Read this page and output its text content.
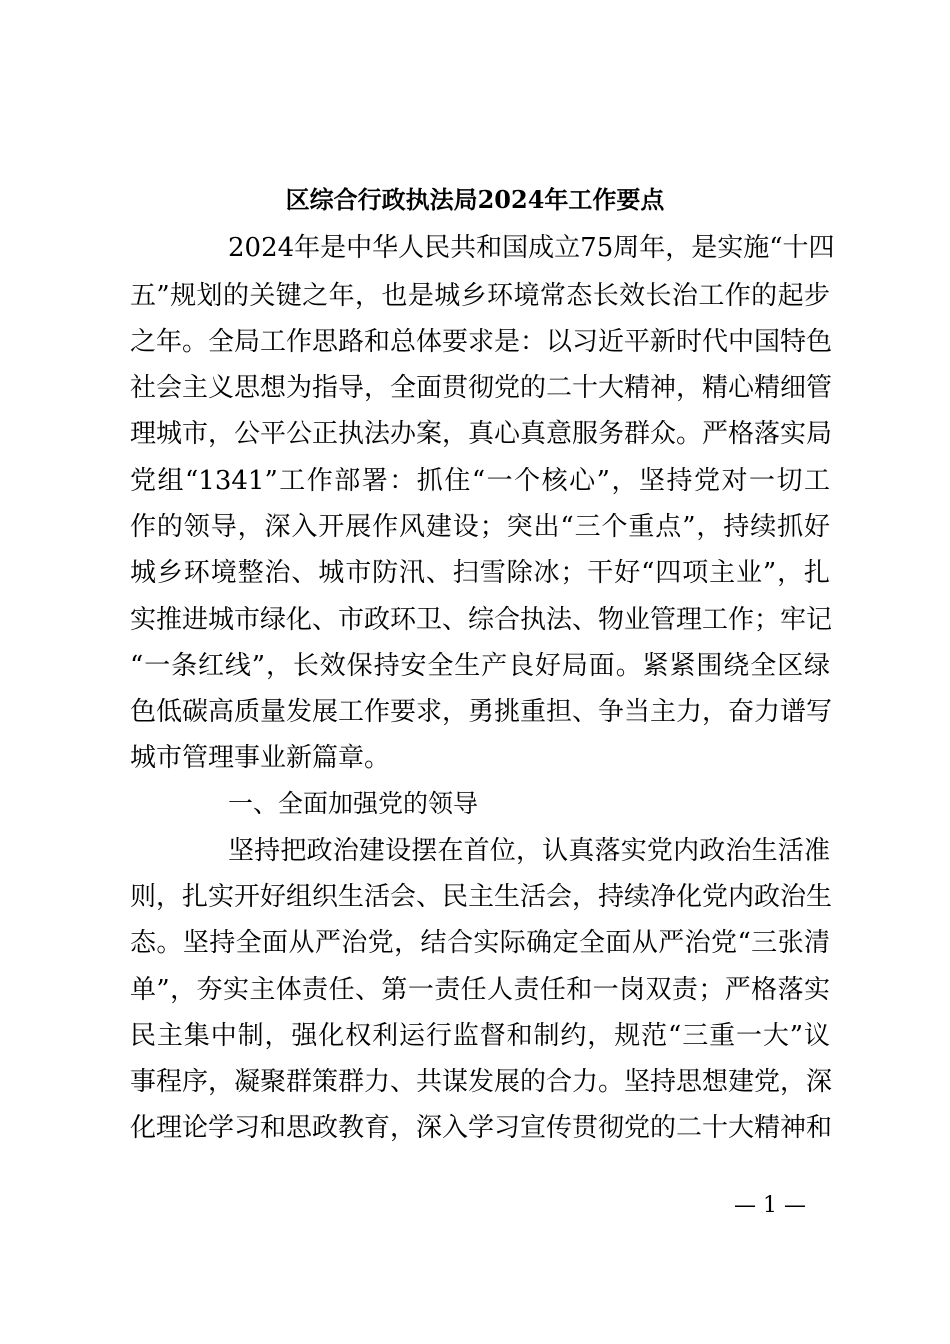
区综合行政执法局2024年工作要点
2024年是中华人民共和国成立75周年，是实施“十四
五”规划的关键之年，也是城乡环境常态长效长治工作的起步
之年。全局工作思路和总体要求是：以习近平新时代中国特色
社会主义思想为指导，全面贯彻党的二十大精神，精心精细管
理城市，公平公正执法办案，真心真意服务群众。严格落实局
党组“1341”工作部署：抓住“一个核心”，坚持党对一切工
作的领导，深入开展作风建设；突出“三个重点”，持续抓好
城乡环境整治、城市防汛、扫雪除冰；干好“四项主业”，扎
实推进城市绿化、市政环卫、综合执法、物业管理工作；牢记
“一条红线”，长效保持安全生产良好局面。紧紧围绕全区绿
色低碳高质量发展工作要求，勇挑重担、争当主力，奋力谱写
城市管理事业新篇章。
一、全面加强党的领导
坚持把政治建设摆在首位，认真落实党内政治生活准
则，扎实开好组织生活会、民主生活会，持续净化党内政治生
态。坚持全面从严治党，结合实际确定全面从严治党“三张清
单”，夯实主体责任、第一责任人责任和一岗双责；严格落实
民主集中制，强化权利运行监督和制约，规范“三重一大”议
事程序，凝聚群策群力、共谋发展的合力。坚持思想建党，深
化理论学习和思政教育，深入学习宣传贯彻党的二十大精神和
— 1 —
